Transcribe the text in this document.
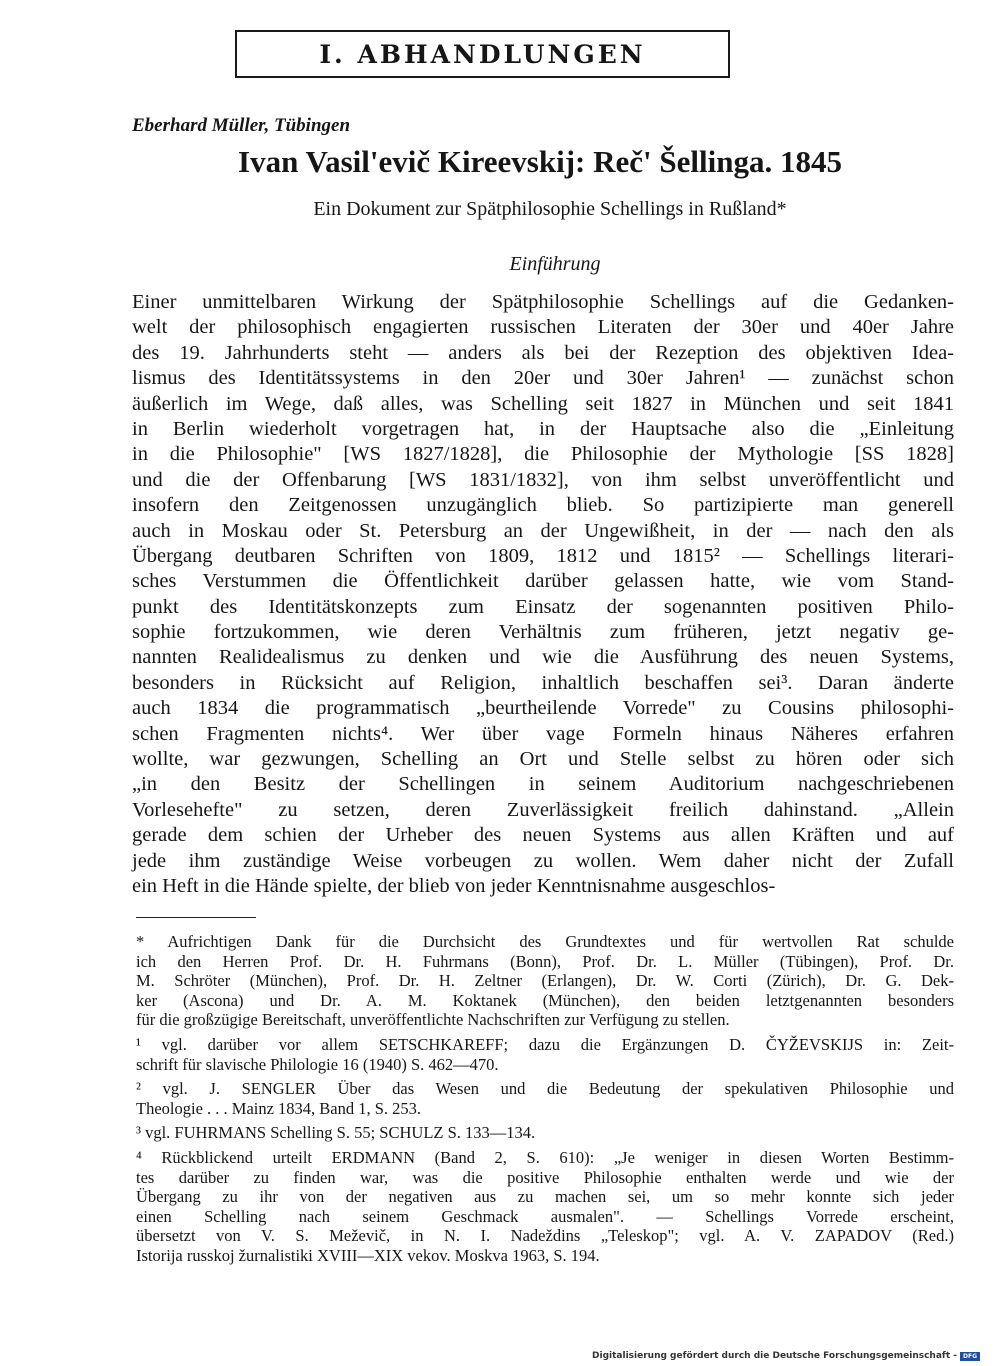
I. ABHANDLUNGEN
Eberhard Müller, Tübingen
Ivan Vasil'evič Kireevskij: Reč' Šellinga. 1845
Ein Dokument zur Spätphilosophie Schellings in Rußland*
Einführung
Einer unmittelbaren Wirkung der Spätphilosophie Schellings auf die Gedanken-
welt der philosophisch engagierten russischen Literaten der 30er und 40er Jahre
des 19. Jahrhunderts steht — anders als bei der Rezeption des objektiven Idea-
lismus des Identitätssystems in den 20er und 30er Jahren¹ — zunächst schon
äußerlich im Wege, daß alles, was Schelling seit 1827 in München und seit 1841
in Berlin wiederholt vorgetragen hat, in der Hauptsache also die „Einleitung
in die Philosophie" [WS 1827/1828], die Philosophie der Mythologie [SS 1828]
und die der Offenbarung [WS 1831/1832], von ihm selbst unveröffentlicht und
insofern den Zeitgenossen unzugänglich blieb. So partizipierte man generell
auch in Moskau oder St. Petersburg an der Ungewißheit, in der — nach den als
Übergang deutbaren Schriften von 1809, 1812 und 1815² — Schellings literari-
sches Verstummen die Öffentlichkeit darüber gelassen hatte, wie vom Stand-
punkt des Identitätskonzepts zum Einsatz der sogenannten positiven Philo-
sophie fortzukommen, wie deren Verhältnis zum früheren, jetzt negativ ge-
nannten Realidealismus zu denken und wie die Ausführung des neuen Systems,
besonders in Rücksicht auf Religion, inhaltlich beschaffen sei³. Daran änderte
auch 1834 die programmatisch „beurtheilende Vorrede" zu Cousins philosophi-
schen Fragmenten nichts⁴. Wer über vage Formeln hinaus Näheres erfahren
wollte, war gezwungen, Schelling an Ort und Stelle selbst zu hören oder sich
„in den Besitz der Schellingen in seinem Auditorium nachgeschriebenen
Vorlesehefte" zu setzen, deren Zuverlässigkeit freilich dahinstand. „Allein
gerade dem schien der Urheber des neuen Systems aus allen Kräften und auf
jede ihm zuständige Weise vorbeugen zu wollen. Wem daher nicht der Zufall
ein Heft in die Hände spielte, der blieb von jeder Kenntnisnahme ausgeschlos-
* Aufrichtigen Dank für die Durchsicht des Grundtextes und für wertvollen Rat schulde
ich den Herren Prof. Dr. H. Fuhrmans (Bonn), Prof. Dr. L. Müller (Tübingen), Prof. Dr.
M. Schröter (München), Prof. Dr. H. Zeltner (Erlangen), Dr. W. Corti (Zürich), Dr. G. Dek-
ker (Ascona) und Dr. A. M. Koktanek (München), den beiden letztgenannten besonders
für die großzügige Bereitschaft, unveröffentlichte Nachschriften zur Verfügung zu stellen.
¹ vgl. darüber vor allem SETSCHKAREFF; dazu die Ergänzungen D. ČYŽEVSKIJS in: Zeit-
schrift für slavische Philologie 16 (1940) S. 462—470.
² vgl. J. SENGLER Über das Wesen und die Bedeutung der spekulativen Philosophie und
Theologie . . . Mainz 1834, Band 1, S. 253.
³ vgl. FUHRMANS Schelling S. 55; SCHULZ S. 133—134.
⁴ Rückblickend urteilt ERDMANN (Band 2, S. 610): „Je weniger in diesen Worten Bestimm-
tes darüber zu finden war, was die positive Philosophie enthalten werde und wie der
Übergang zu ihr von der negativen aus zu machen sei, um so mehr konnte sich jeder
einen Schelling nach seinem Geschmack ausmalen". — Schellings Vorrede erscheint,
übersetzt von V. S. Meževič, in N. I. Nadeždins „Teleskop"; vgl. A. V. ZAPADOV (Red.)
Istorija russkoj žurnalistiki XVIII—XIX vekov. Moskva 1963, S. 194.
Digitalisierung gefördert durch die Deutsche Forschungsgemeinschaft - DFG
